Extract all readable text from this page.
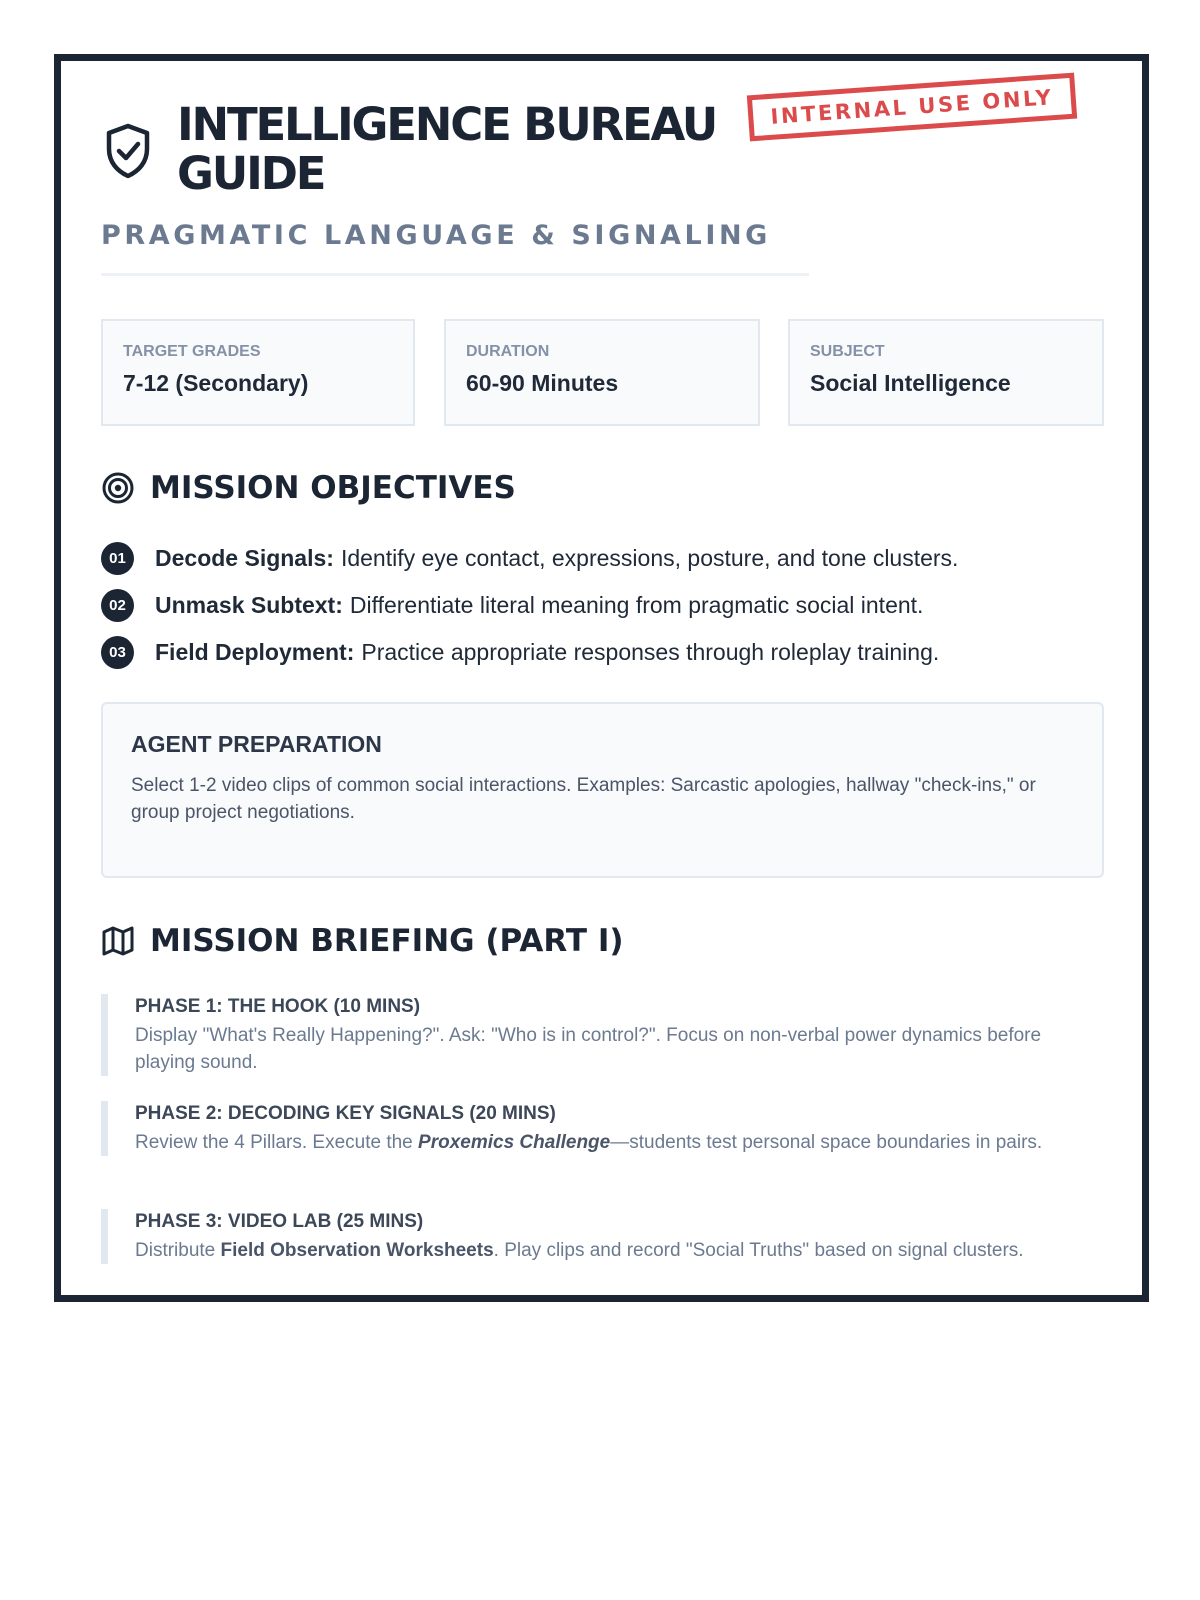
INTELLIGENCE BUREAU
GUIDE
INTERNAL USE ONLY
PRAGMATIC LANGUAGE & SIGNALING

TARGET GRADES

7-12 (Secondary)

DURATION

60-90 Minutes

SUBJECT

Social Intelligence

MISSION OBJECTIVES
01	Decode Signals: Identify eye contact, expressions, posture, and tone clusters.
02	Unmask Subtext: Differentiate literal meaning from pragmatic social intent.
03	Field Deployment: Practice appropriate responses through roleplay training.

AGENT PREPARATION

Select 1-2 video clips of common social interactions. Examples: Sarcastic apologies, hallway "check-ins," or group project negotiations.

MISSION BRIEFING (PART I)

PHASE 1: THE HOOK (10 MINS)

Display "What's Really Happening?". Ask: "Who is in control?". Focus on non-verbal power dynamics before playing sound.

PHASE 2: DECODING KEY SIGNALS (20 MINS)

Review the 4 Pillars. Execute the Proxemics Challenge—students test personal space boundaries in pairs.

PHASE 3: VIDEO LAB (25 MINS)

Distribute Field Observation Worksheets. Play clips and record "Social Truths" based on signal clusters.
